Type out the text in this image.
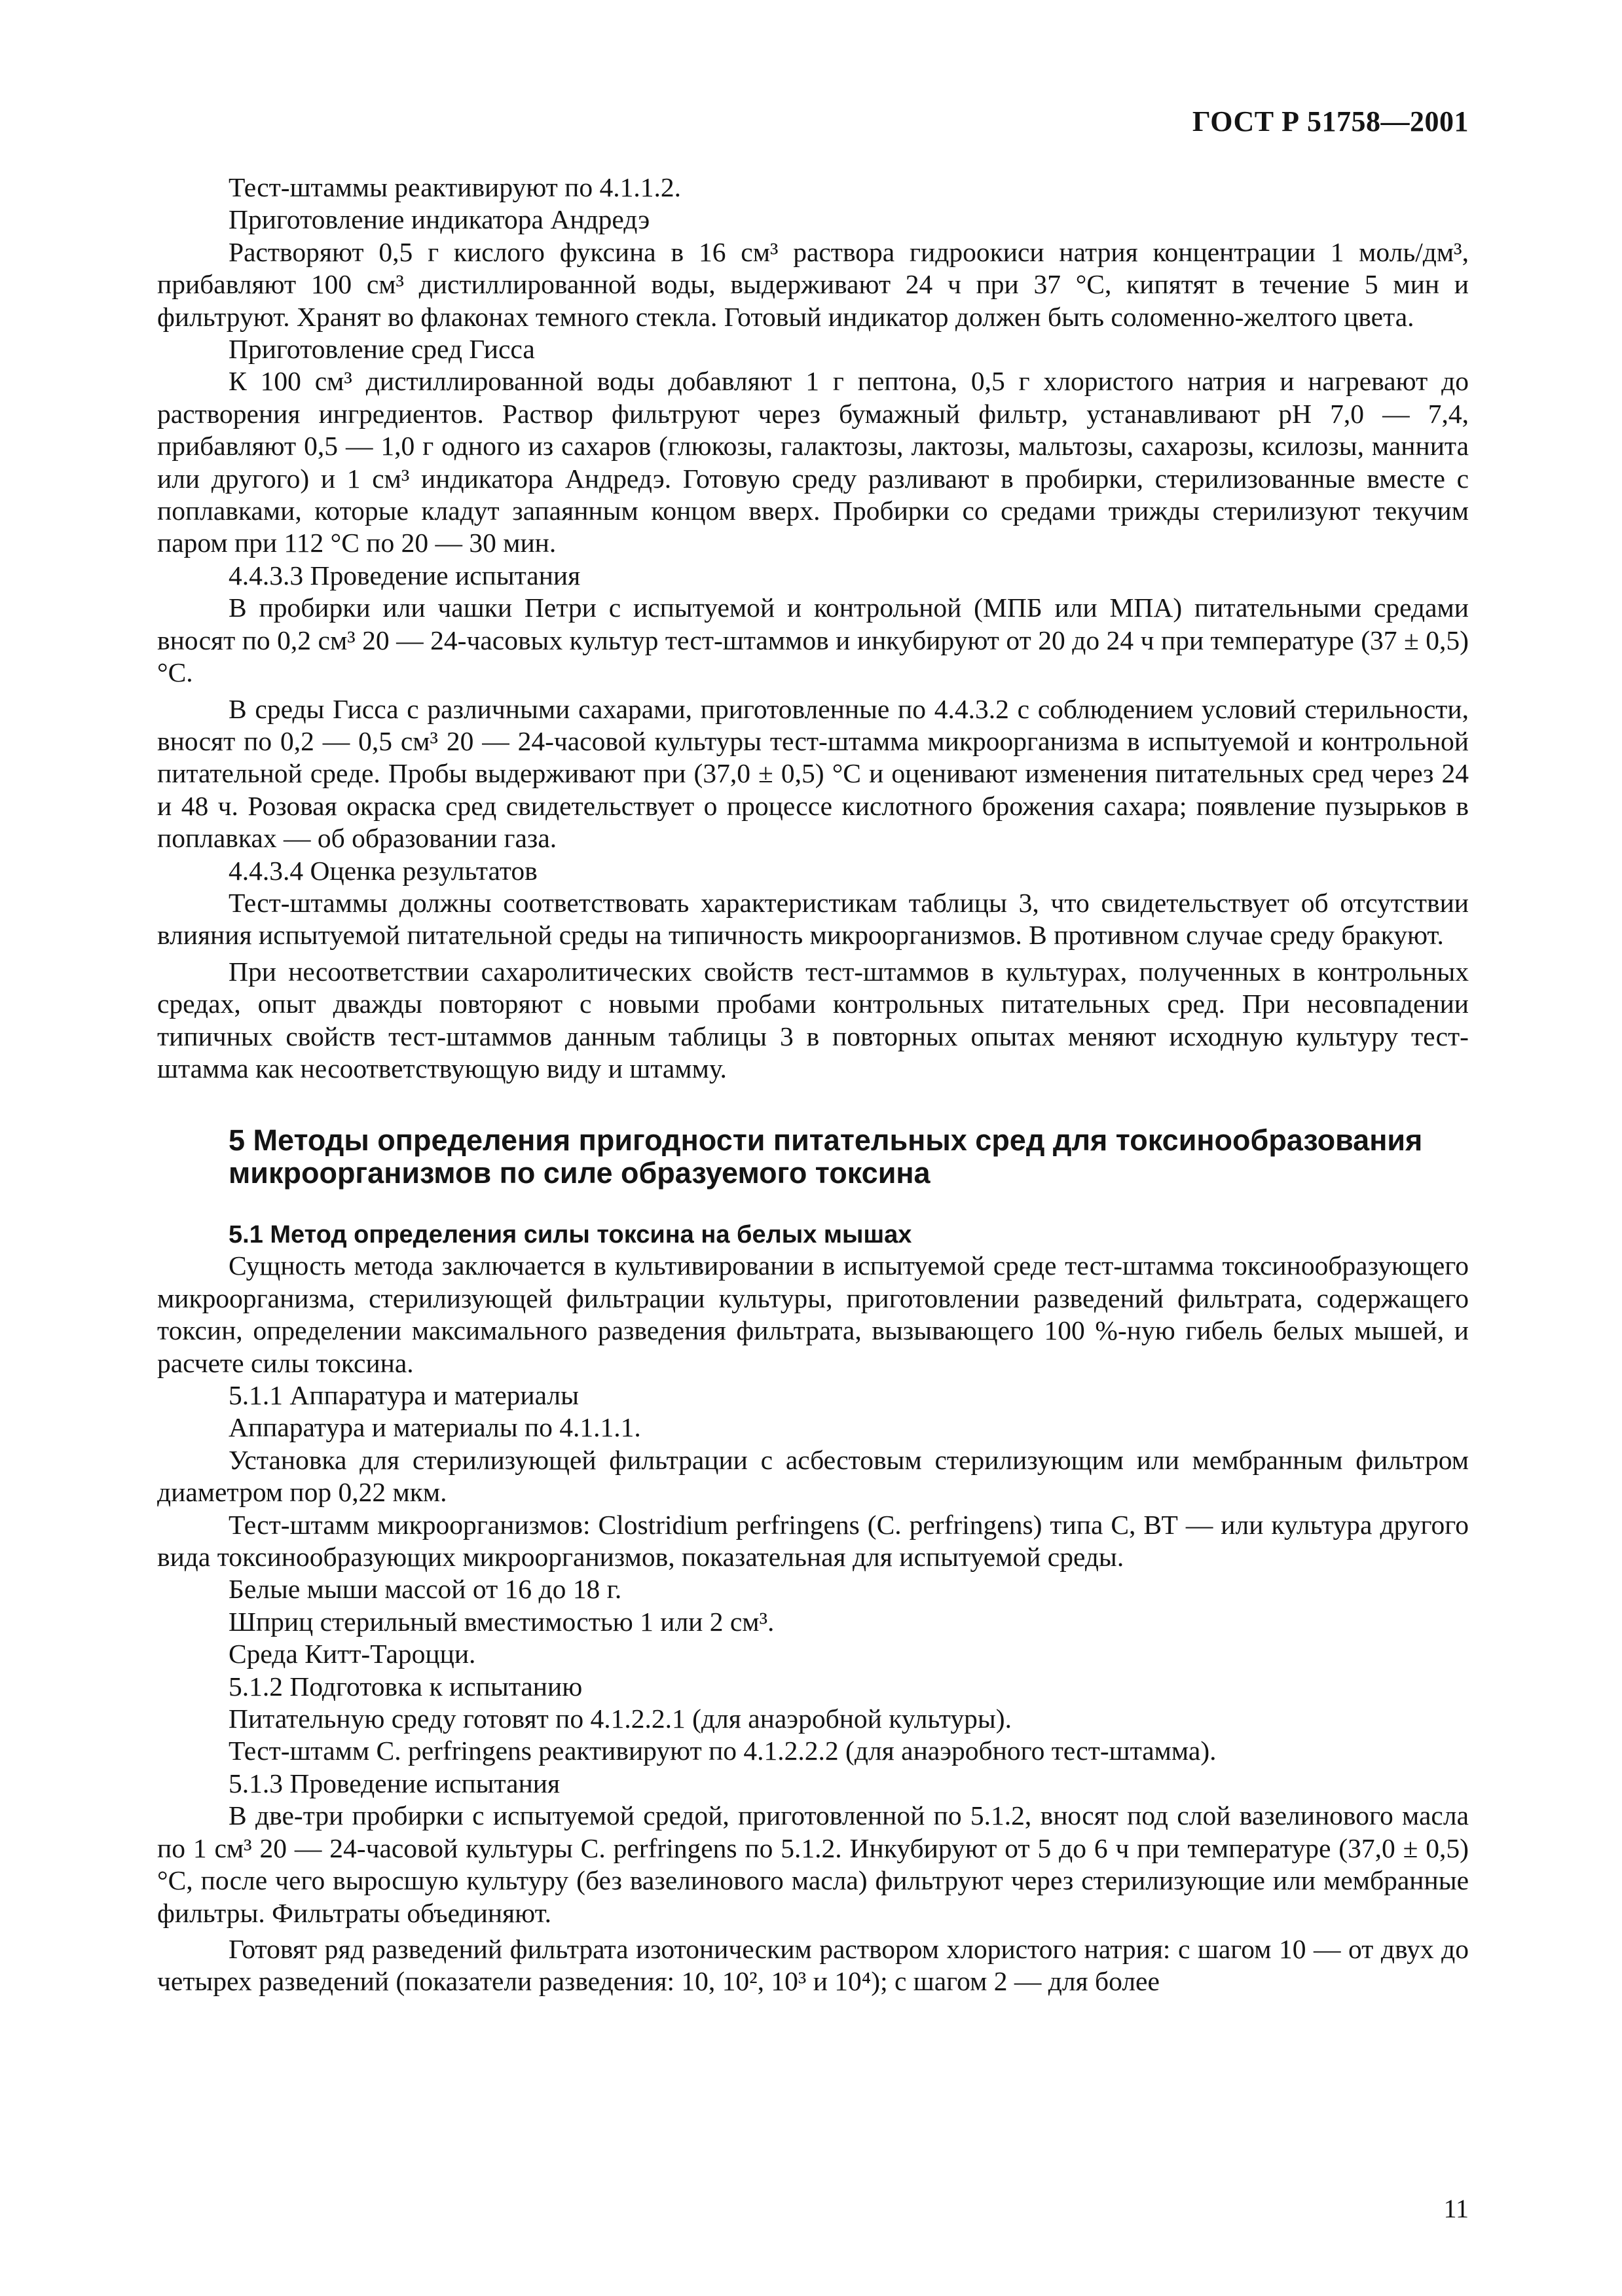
ГОСТ Р 51758—2001

Тест-штаммы реактивируют по 4.1.1.2.

Приготовление индикатора Андредэ

Растворяют 0,5 г кислого фуксина в 16 см³ раствора гидроокиси натрия концентрации 1 моль/дм³, прибавляют 100 см³ дистиллированной воды, выдерживают 24 ч при 37 °С, кипятят в течение 5 мин и фильтруют. Хранят во флаконах темного стекла. Готовый индикатор должен быть соломенно-желтого цвета.

Приготовление сред Гисса

К 100 см³ дистиллированной воды добавляют 1 г пептона, 0,5 г хлористого натрия и нагревают до растворения ингредиентов. Раствор фильтруют через бумажный фильтр, устанавливают рН 7,0 — 7,4, прибавляют 0,5 — 1,0 г одного из сахаров (глюкозы, галактозы, лактозы, мальтозы, сахарозы, ксилозы, маннита или другого) и 1 см³ индикатора Андредэ. Готовую среду разливают в пробирки, стерилизованные вместе с поплавками, которые кладут запаянным концом вверх. Пробирки со средами трижды стерилизуют текучим паром при 112 °С по 20 — 30 мин.

4.4.3.3 Проведение испытания

В пробирки или чашки Петри с испытуемой и контрольной (МПБ или МПА) питательными средами вносят по 0,2 см³ 20 — 24-часовых культур тест-штаммов и инкубируют от 20 до 24 ч при температуре (37 ± 0,5) °С.

В среды Гисса с различными сахарами, приготовленные по 4.4.3.2 с соблюдением условий стерильности, вносят по 0,2 — 0,5 см³ 20 — 24-часовой культуры тест-штамма микроорганизма в испытуемой и контрольной питательной среде. Пробы выдерживают при (37,0 ± 0,5) °С и оценивают изменения питательных сред через 24 и 48 ч. Розовая окраска сред свидетельствует о процессе кислотного брожения сахара; появление пузырьков в поплавках — об образовании газа.

4.4.3.4 Оценка результатов

Тест-штаммы должны соответствовать характеристикам таблицы 3, что свидетельствует об отсутствии влияния испытуемой питательной среды на типичность микроорганизмов. В противном случае среду бракуют.

При несоответствии сахаролитических свойств тест-штаммов в культурах, полученных в контрольных средах, опыт дважды повторяют с новыми пробами контрольных питательных сред. При несовпадении типичных свойств тест-штаммов данным таблицы 3 в повторных опытах меняют исходную культуру тест-штамма как несоответствующую виду и штамму.

5 Методы определения пригодности питательных сред для токсинообразования микроорганизмов по силе образуемого токсина

5.1 Метод определения силы токсина на белых мышах

Сущность метода заключается в культивировании в испытуемой среде тест-штамма токсинообразующего микроорганизма, стерилизующей фильтрации культуры, приготовлении разведений фильтрата, содержащего токсин, определении максимального разведения фильтрата, вызывающего 100 %-ную гибель белых мышей, и расчете силы токсина.

5.1.1 Аппаратура и материалы

Аппаратура и материалы по 4.1.1.1.

Установка для стерилизующей фильтрации с асбестовым стерилизующим или мембранным фильтром диаметром пор 0,22 мкм.

Тест-штамм микроорганизмов: Clostridium perfringens (C. perfringens) типа С, ВТ — или культура другого вида токсинообразующих микроорганизмов, показательная для испытуемой среды.

Белые мыши массой от 16 до 18 г.

Шприц стерильный вместимостью 1 или 2 см³.

Среда Китт-Тароцци.

5.1.2 Подготовка к испытанию

Питательную среду готовят по 4.1.2.2.1 (для анаэробной культуры).

Тест-штамм C. perfringens реактивируют по 4.1.2.2.2 (для анаэробного тест-штамма).

5.1.3 Проведение испытания

В две-три пробирки с испытуемой средой, приготовленной по 5.1.2, вносят под слой вазелинового масла по 1 см³ 20 — 24-часовой культуры C. perfringens по 5.1.2. Инкубируют от 5 до 6 ч при температуре (37,0 ± 0,5) °С, после чего выросшую культуру (без вазелинового масла) фильтруют через стерилизующие или мембранные фильтры. Фильтраты объединяют.

Готовят ряд разведений фильтрата изотоническим раствором хлористого натрия: с шагом 10 — от двух до четырех разведений (показатели разведения: 10, 10², 10³ и 10⁴); с шагом 2 — для более

11
